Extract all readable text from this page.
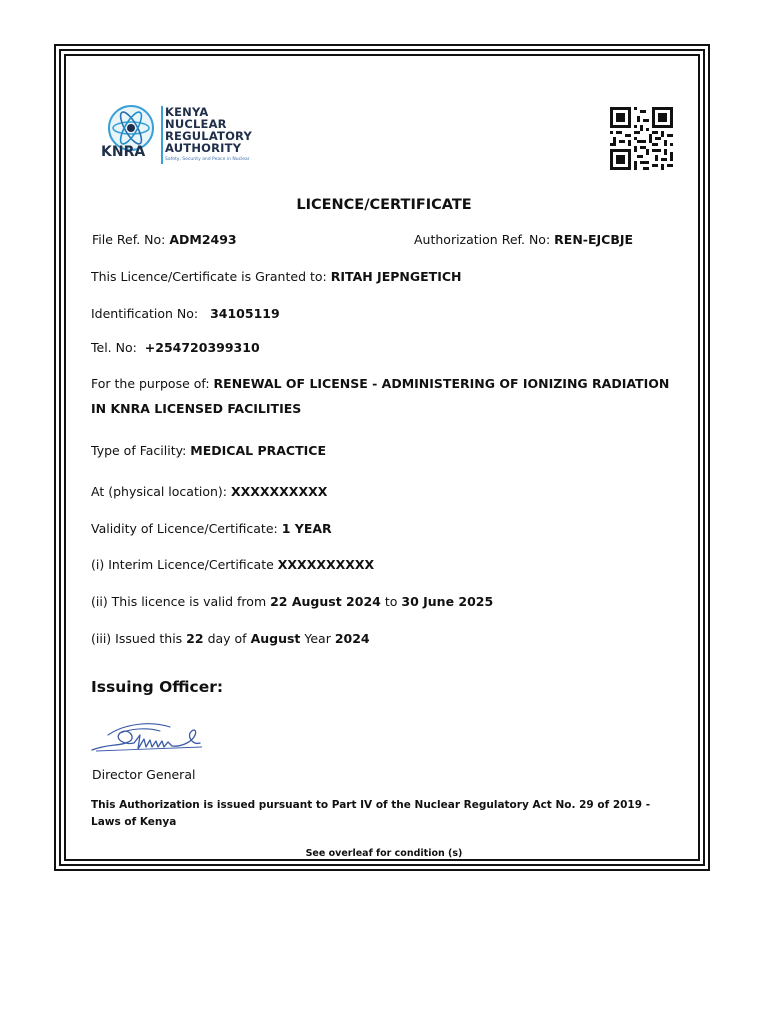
KNRA
KENYA
NUCLEAR
REGULATORY
AUTHORITY
Safety, Security and Peace in Nuclear
LICENCE/CERTIFICATE
File Ref. No: ADM2493	Authorization Ref. No: REN-EJCBJE
This Licence/Certificate is Granted to: RITAH JEPNGETICH
Identification No: 34105119
Tel. No: +254720399310
For the purpose of: RENEWAL OF LICENSE - ADMINISTERING OF IONIZING RADIATION
IN KNRA LICENSED FACILITIES
Type of Facility: MEDICAL PRACTICE
At (physical location): XXXXXXXXXX
Validity of Licence/Certificate: 1 YEAR
(i) Interim Licence/Certificate XXXXXXXXXX
(ii) This licence is valid from 22 August 2024 to 30 June 2025
(iii) Issued this 22 day of August Year 2024
Issuing Officer:
Director General
This Authorization is issued pursuant to Part IV of the Nuclear Regulatory Act No. 29 of 2019 -
Laws of Kenya
See overleaf for condition (s)
